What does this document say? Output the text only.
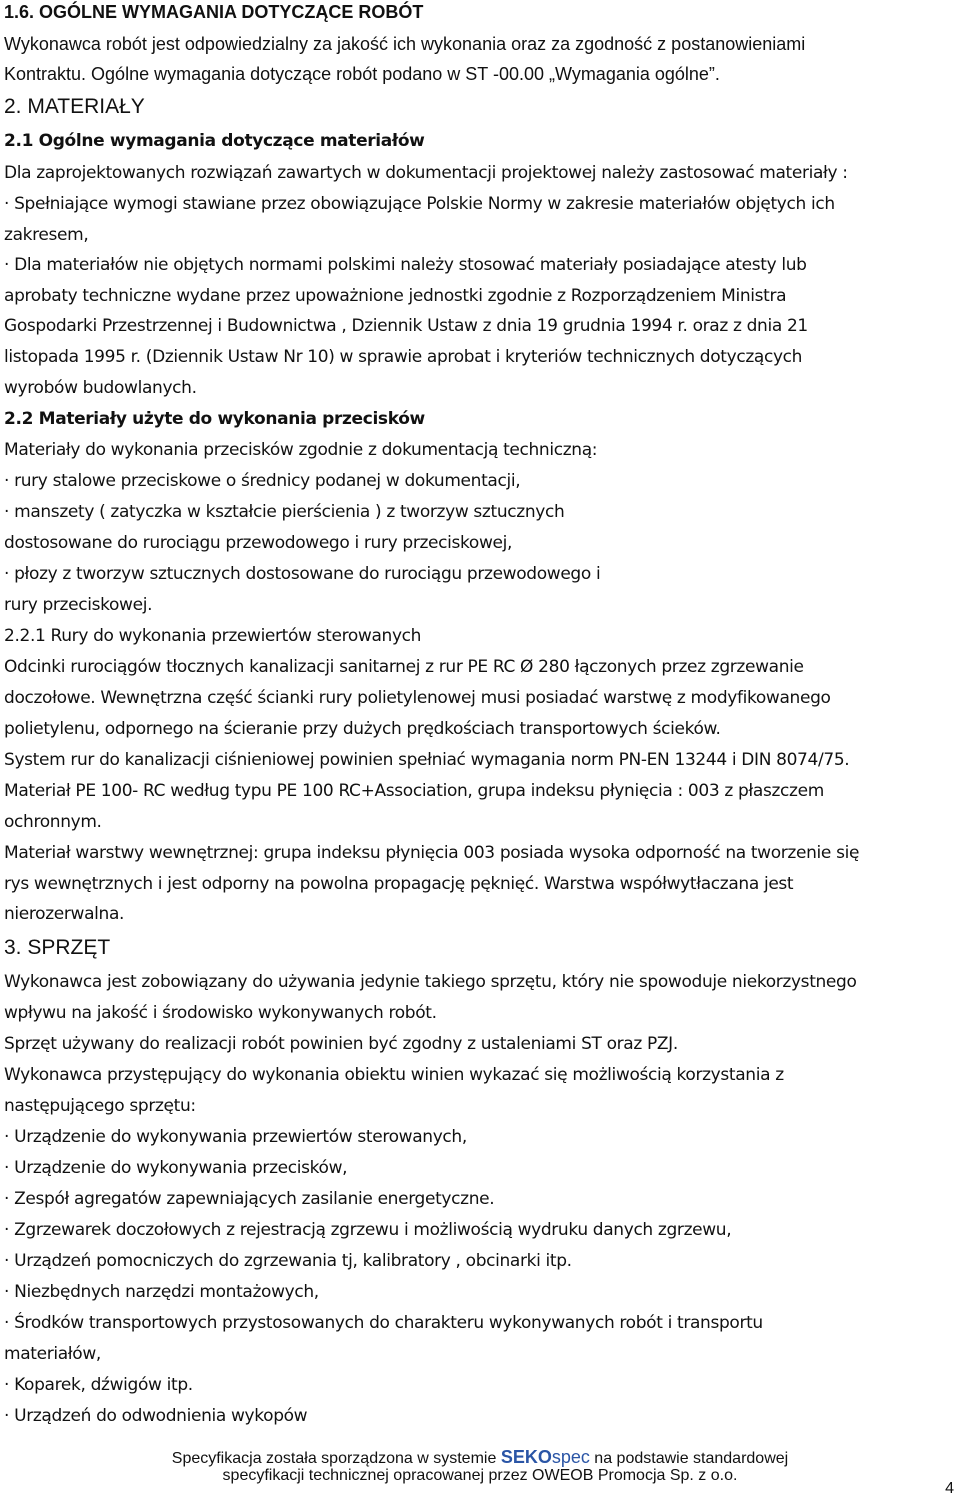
1.6. OGÓLNE WYMAGANIA DOTYCZĄCE ROBÓT
Wykonawca robót jest odpowiedzialny za jakość ich wykonania oraz za zgodność z postanowieniami
Kontraktu. Ogólne wymagania dotyczące robót podano w ST -00.00 „Wymagania ogólne”.
2. MATERIAŁY
2.1 Ogólne wymagania dotyczące materiałów
Dla zaprojektowanych rozwiązań zawartych w dokumentacji projektowej należy zastosować materiały :
· Spełniające wymogi stawiane przez obowiązujące Polskie Normy w zakresie materiałów objętych ich
zakresem,
· Dla materiałów nie objętych normami polskimi należy stosować materiały posiadające atesty lub
aprobaty techniczne wydane przez upoważnione jednostki zgodnie z Rozporządzeniem Ministra
Gospodarki Przestrzennej i Budownictwa , Dziennik Ustaw z dnia 19 grudnia 1994 r. oraz z dnia 21
listopada 1995 r. (Dziennik Ustaw Nr 10) w sprawie aprobat i kryteriów technicznych dotyczących
wyrobów budowlanych.
2.2 Materiały użyte do wykonania przecisków
Materiały do wykonania przecisków zgodnie z dokumentacją techniczną:
· rury stalowe przeciskowe o średnicy podanej w dokumentacji,
· manszety ( zatyczka w kształcie pierścienia ) z tworzyw sztucznych
dostosowane do rurociągu przewodowego i rury przeciskowej,
· płozy z tworzyw sztucznych dostosowane do rurociągu przewodowego i
rury przeciskowej.
2.2.1 Rury do wykonania przewiertów sterowanych
Odcinki rurociągów tłocznych kanalizacji sanitarnej z rur PE RC Ø 280 łączonych przez zgrzewanie
doczołowe. Wewnętrzna część ścianki rury polietylenowej musi posiadać warstwę z modyfikowanego
polietylenu, odpornego na ścieranie przy dużych prędkościach transportowych ścieków.
System rur do kanalizacji ciśnieniowej powinien spełniać wymagania norm PN-EN 13244 i DIN 8074/75.
Materiał PE 100- RC według typu PE 100 RC+Association, grupa indeksu płynięcia : 003 z płaszczem
ochronnym.
Materiał warstwy wewnętrznej: grupa indeksu płynięcia 003 posiada wysoka odporność na tworzenie się
rys wewnętrznych i jest odporny na powolna propagację pęknięć. Warstwa współwytłaczana jest
nierozerwalna.
3. SPRZĘT
Wykonawca jest zobowiązany do używania jedynie takiego sprzętu, który nie spowoduje niekorzystnego
wpływu na jakość i środowisko wykonywanych robót.
Sprzęt używany do realizacji robót powinien być zgodny z ustaleniami ST oraz PZJ.
Wykonawca przystępujący do wykonania obiektu winien wykazać się możliwością korzystania z
następującego sprzętu:
· Urządzenie do wykonywania przewiertów sterowanych,
· Urządzenie do wykonywania przecisków,
· Zespół agregatów zapewniających zasilanie energetyczne.
· Zgrzewarek doczołowych z rejestracją zgrzewu i możliwością wydruku danych zgrzewu,
· Urządzeń pomocniczych do zgrzewania tj, kalibratory , obcinarki itp.
· Niezbędnych narzędzi montażowych,
· Środków transportowych przystosowanych do charakteru wykonywanych robót i transportu
materiałów,
· Koparek, dźwigów itp.
· Urządzeń do odwodnienia wykopów
Specyfikacja została sporządzona w systemie SEKOspec na podstawie standardowej
specyfikacji technicznej opracowanej przez OWEOB Promocja Sp. z o.o.
4
